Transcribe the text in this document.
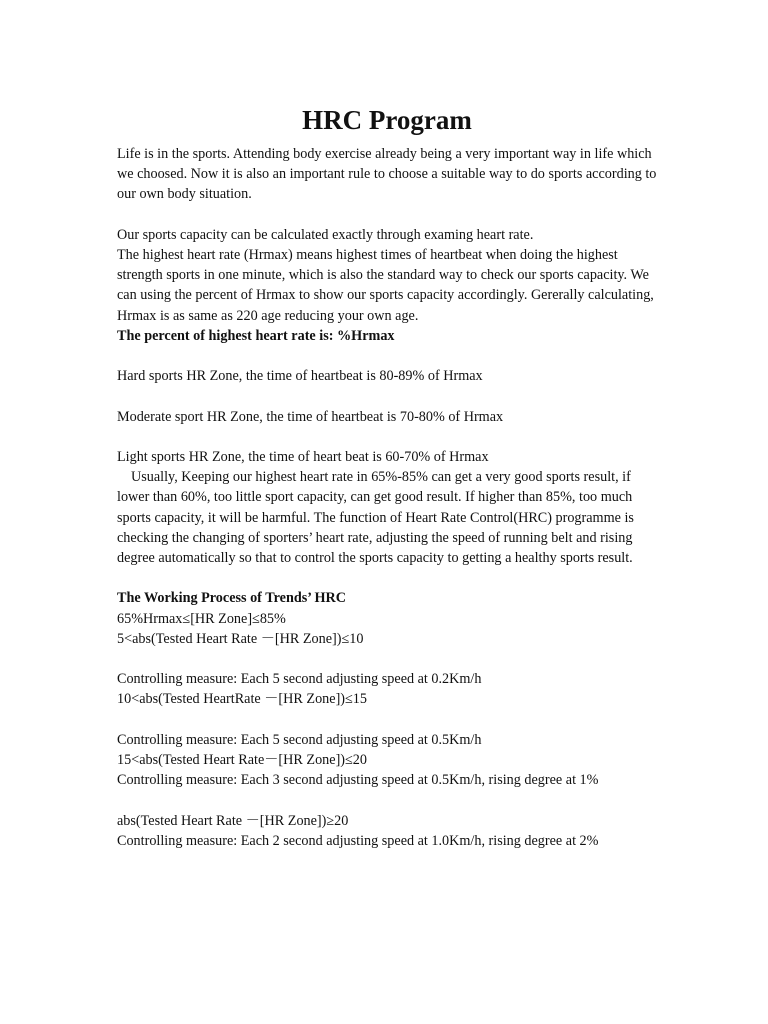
HRC Program

Life is in the sports. Attending body exercise already being a very important way in life which we choosed. Now it is also an important rule to choose a suitable way to do sports according to our own body situation.

Our sports capacity can be calculated exactly through examing heart rate.

The highest heart rate (Hrmax) means highest times of heartbeat when doing the highest strength sports in one minute, which is also the standard way to check our sports capacity. We can using the percent of Hrmax to show our sports capacity accordingly. Gererally calculating, Hrmax is as same as 220 age reducing your own age.

The percent of highest heart rate is: %Hrmax

Hard sports HR Zone, the time of heartbeat is 80-89% of Hrmax

Moderate sport HR Zone, the time of heartbeat is 70-80% of Hrmax

Light sports HR Zone, the time of heart beat is 60-70% of Hrmax

Usually, Keeping our highest heart rate in 65%-85% can get a very good sports result, if lower than 60%, too little sport capacity, can get good result. If higher than 85%, too much sports capacity, it will be harmful. The function of Heart Rate Control(HRC) programme is checking the changing of sporters’ heart rate, adjusting the speed of running belt and rising degree automatically so that to control the sports capacity to getting a healthy sports result.

The Working Process of Trends’ HRC

65%Hrmax≤[HR Zone]≤85%

5<abs(Tested Heart Rate －[HR Zone])≤10

Controlling measure: Each 5 second adjusting speed at 0.2Km/h

10<abs(Tested HeartRate －[HR Zone])≤15

Controlling measure: Each 5 second adjusting speed at 0.5Km/h

15<abs(Tested Heart Rate－[HR Zone])≤20

Controlling measure: Each 3 second adjusting speed at 0.5Km/h, rising degree at 1%

abs(Tested Heart Rate －[HR Zone])≥20

Controlling measure: Each 2 second adjusting speed at 1.0Km/h, rising degree at 2%
